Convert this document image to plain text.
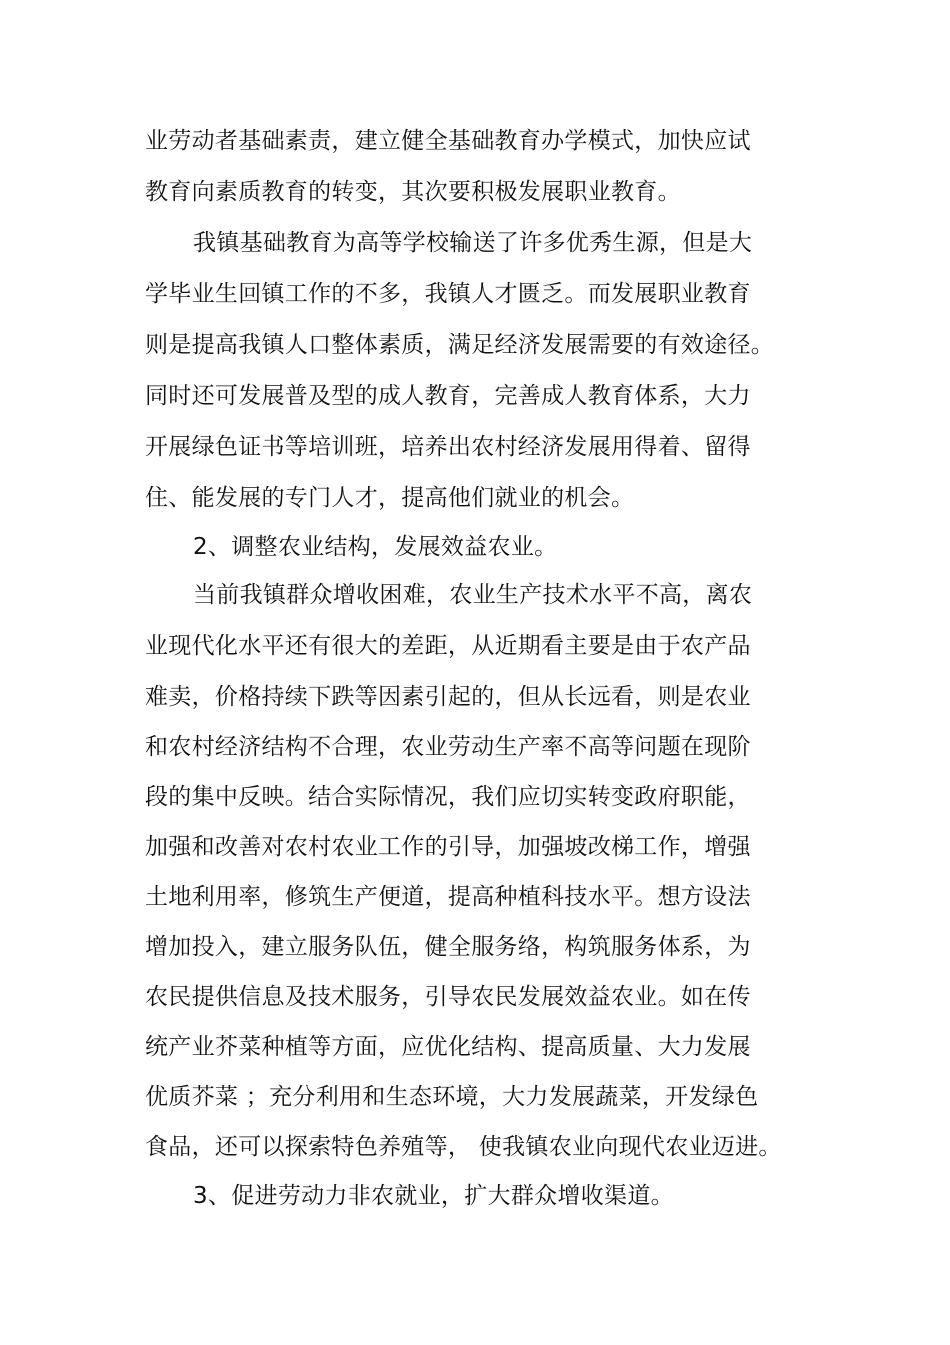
业劳动者基础素责，建立健全基础教育办学模式，加快应试
教育向素质教育的转变，其次要积极发展职业教育。
我镇基础教育为高等学校输送了许多优秀生源，但是大
学毕业生回镇工作的不多，我镇人才匮乏。而发展职业教育
则是提高我镇人口整体素质，满足经济发展需要的有效途径。
同时还可发展普及型的成人教育，完善成人教育体系，大力
开展绿色证书等培训班，培养出农村经济发展用得着、留得
住、能发展的专门人才，提高他们就业的机会。
2、调整农业结构，发展效益农业。
当前我镇群众增收困难，农业生产技术水平不高，离农
业现代化水平还有很大的差距，从近期看主要是由于农产品
难卖，价格持续下跌等因素引起的，但从长远看，则是农业
和农村经济结构不合理，农业劳动生产率不高等问题在现阶
段的集中反映。结合实际情况，我们应切实转变政府职能，
加强和改善对农村农业工作的引导，加强坡改梯工作，增强
土地利用率，修筑生产便道，提高种植科技水平。想方设法
增加投入，建立服务队伍，健全服务络，构筑服务体系，为
农民提供信息及技术服务，引导农民发展效益农业。如在传
统产业芥菜种植等方面，应优化结构、提高质量、大力发展
优质芥菜 ；充分利用和生态环境，大力发展蔬菜，开发绿色
食品，还可以探索特色养殖等， 使我镇农业向现代农业迈进。
3、促进劳动力非农就业，扩大群众增收渠道。
